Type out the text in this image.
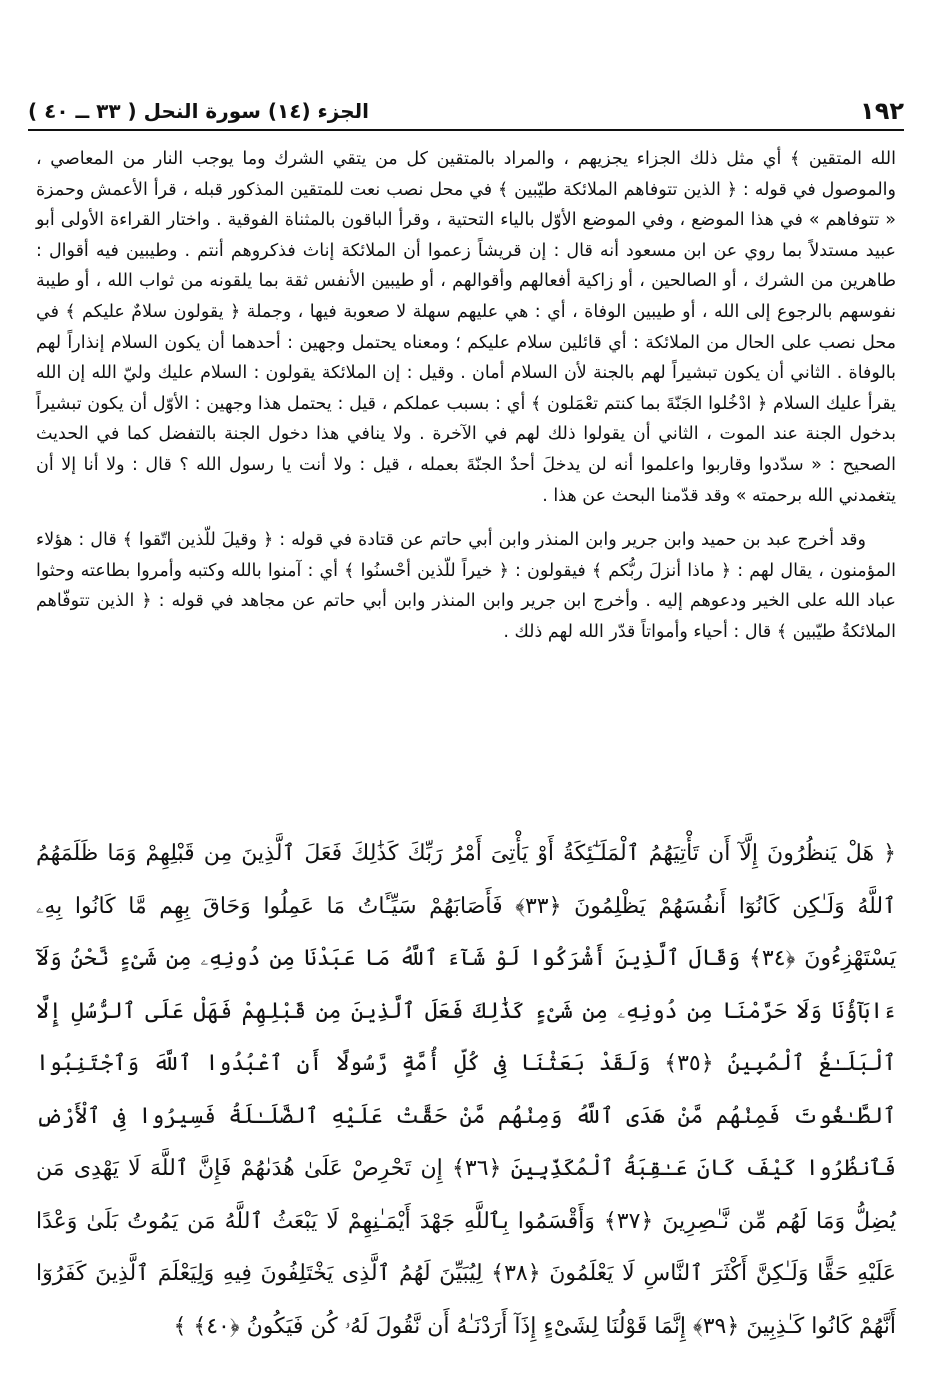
١٩٢
الجزء (١٤) سورة النحل ( ٣٣ ــ ٤٠ )

الله المتقين ﴾ أي مثل ذلك الجزاء يجزيهم ، والمراد بالمتقين كل من يتقي الشرك وما يوجب النار من المعاصي ، والموصول في قوله : ﴿ الذين تتوفاهم الملائكة طيّبين ﴾ في محل نصب نعت للمتقين المذكور قبله ، قرأ الأعمش وحمزة « تتوفاهم » في هذا الموضع ، وفي الموضع الأوّل بالياء التحتية ، وقرأ الباقون بالمثناة الفوقية . واختار القراءة الأولى أبو عبيد مستدلاً بما روي عن ابن مسعود أنه قال : إن قريشاً زعموا أن الملائكة إناث فذكروهم أنتم . وطيبين فيه أقوال : طاهرين من الشرك ، أو الصالحين ، أو زاكية أفعالهم وأقوالهم ، أو طيبين الأنفس ثقة بما يلقونه من ثواب الله ، أو طيبة نفوسهم بالرجوع إلى الله ، أو طيبين الوفاة ، أي : هي عليهم سهلة لا صعوبة فيها ، وجملة ﴿ يقولون سلامٌ عليكم ﴾ في محل نصب على الحال من الملائكة : أي قائلين سلام عليكم ؛ ومعناه يحتمل وجهين : أحدهما أن يكون السلام إنذاراً لهم بالوفاة . الثاني أن يكون تبشيراً لهم بالجنة لأن السلام أمان . وقيل : إن الملائكة يقولون : السلام عليك وليّ الله إن الله يقرأ عليك السلام ﴿ ادْخُلوا الجَنّةَ بما كنتم تعْمَلون ﴾ أي : بسبب عملكم ، قيل : يحتمل هذا وجهين : الأوّل أن يكون تبشيراً بدخول الجنة عند الموت ، الثاني أن يقولوا ذلك لهم في الآخرة . ولا ينافي هذا دخول الجنة بالتفضل كما في الحديث الصحيح : « سدّدوا وقاربوا واعلموا أنه لن يدخلَ أحدٌ الجنّةَ بعمله ، قيل : ولا أنت يا رسول الله ؟ قال : ولا أنا إلا أن يتغمدني الله برحمته » وقد قدّمنا البحث عن هذا .

وقد أخرج عبد بن حميد وابن جرير وابن المنذر وابن أبي حاتم عن قتادة في قوله : ﴿ وقيلَ للّذين اتّقوا ﴾ قال : هؤلاء المؤمنون ، يقال لهم : ﴿ ماذا أنزلَ ربُّكم ﴾ فيقولون : ﴿ خيراً للّذين أحْسنُوا ﴾ أي : آمنوا بالله وكتبه وأمروا بطاعته وحثوا عباد الله على الخير ودعوهم إليه . وأخرج ابن جرير وابن المنذر وابن أبي حاتم عن مجاهد في قوله : ﴿ الذين تتوفّاهم الملائكةُ طيّبين ﴾ قال : أحياء وأمواتاً قدّر الله لهم ذلك .

﴿ هَلْ يَنظُرُونَ إِلَّآ أَن تَأْتِيَهُمُ ٱلْمَلَـٰٓئِكَةُ أَوْ يَأْتِىَ أَمْرُ رَبِّكَ كَذَٰلِكَ فَعَلَ ٱلَّذِينَ مِن قَبْلِهِمْ وَمَا ظَلَمَهُمُ ٱللَّهُ وَلَـٰكِن كَانُوٓا أَنفُسَهُمْ يَظْلِمُونَ ﴿٣٣﴾ فَأَصَابَهُمْ سَيِّـَٔاتُ مَا عَمِلُوا وَحَاقَ بِهِم مَّا كَانُوا بِهِۦ يَسْتَهْزِءُونَ ﴿٣٤﴾ وَقَالَ ٱلَّذِينَ أَشْرَكُوا لَوْ شَآءَ ٱللَّهُ مَا عَبَدْنَا مِن دُونِهِۦ مِن شَىْءٍ نَّحْنُ وَلَآ ءَابَآؤُنَا وَلَا حَرَّمْنَا مِن دُونِهِۦ مِن شَىْءٍ كَذَٰلِكَ فَعَلَ ٱلَّذِينَ مِن قَبْلِهِمْ فَهَلْ عَلَى ٱلرُّسُلِ إِلَّا ٱلْبَلَـٰغُ ٱلْمُبِينُ ﴿٣٥﴾ وَلَقَدْ بَعَثْنَا فِى كُلِّ أُمَّةٍ رَّسُولًا أَنِ ٱعْبُدُوا ٱللَّهَ وَٱجْتَنِبُوا ٱلطَّـٰغُوتَ فَمِنْهُم مَّنْ هَدَى ٱللَّهُ وَمِنْهُم مَّنْ حَقَّتْ عَلَيْهِ ٱلضَّلَـٰلَةُ فَسِيرُوا فِى ٱلْأَرْضِ فَٱنظُرُوا كَيْفَ كَانَ عَـٰقِبَةُ ٱلْمُكَذِّبِينَ ﴿٣٦﴾ إِن تَحْرِصْ عَلَىٰ هُدَىٰهُمْ فَإِنَّ ٱللَّهَ لَا يَهْدِى مَن يُضِلُّ وَمَا لَهُم مِّن نَّـٰصِرِينَ ﴿٣٧﴾ وَأَقْسَمُوا بِٱللَّهِ جَهْدَ أَيْمَـٰنِهِمْ لَا يَبْعَثُ ٱللَّهُ مَن يَمُوتُ بَلَىٰ وَعْدًا عَلَيْهِ حَقًّا وَلَـٰكِنَّ أَكْثَرَ ٱلنَّاسِ لَا يَعْلَمُونَ ﴿٣٨﴾ لِيُبَيِّنَ لَهُمُ ٱلَّذِى يَخْتَلِفُونَ فِيهِ وَلِيَعْلَمَ ٱلَّذِينَ كَفَرُوٓا أَنَّهُمْ كَانُوا كَـٰذِبِينَ ﴿٣٩﴾ إِنَّمَا قَوْلُنَا لِشَىْءٍ إِذَآ أَرَدْنَـٰهُ أَن نَّقُولَ لَهُۥ كُن فَيَكُونُ ﴿٤٠﴾ ﴾
